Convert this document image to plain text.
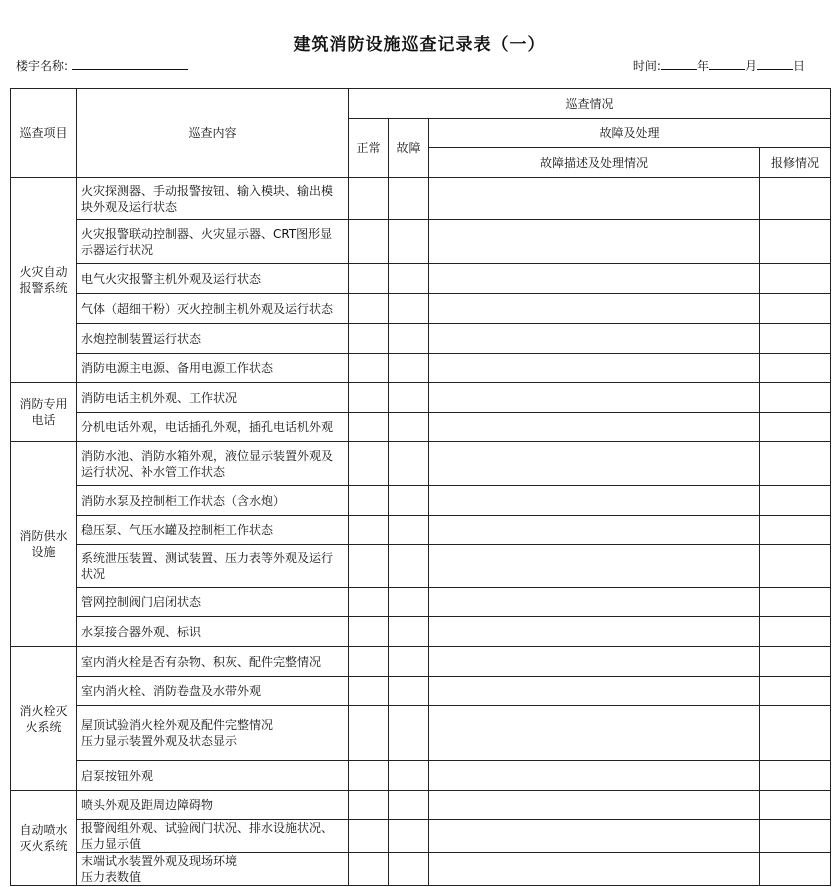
建筑消防设施巡查记录表（一）
楼宇名称:	时间:	年	月	日
巡查项目	巡查内容	巡查情况			
		正常	故障	故障及处理	
				故障描述及处理情况	报修情况
火灾自动报警系统	火灾探测器、手动报警按钮、输入模块、输出模块外观及运行状态				
	火灾报警联动控制器、火灾显示器、CRT图形显示器运行状况				
	电气火灾报警主机外观及运行状态				
	气体（超细干粉）灭火控制主机外观及运行状态				
	水炮控制装置运行状态				
	消防电源主电源、备用电源工作状态				
消防专用电话	消防电话主机外观、工作状况				
	分机电话外观，电话插孔外观，插孔电话机外观				
消防供水设施	消防水池、消防水箱外观，液位显示装置外观及运行状况、补水管工作状态				
	消防水泵及控制柜工作状态（含水炮）				
	稳压泵、气压水罐及控制柜工作状态				
	系统泄压装置、测试装置、压力表等外观及运行状况				
	管网控制阀门启闭状态				
	水泵接合器外观、标识				
消火栓灭火系统	室内消火栓是否有杂物、积灰、配件完整情况				
	室内消火栓、消防卷盘及水带外观				
	屋顶试验消火栓外观及配件完整情况
压力显示装置外观及状态显示				
	启泵按钮外观				
自动喷水灭火系统	喷头外观及距周边障碍物				
	报警阀组外观、试验阀门状况、排水设施状况、压力显示值				
	末端试水装置外观及现场环境
压力表数值				
